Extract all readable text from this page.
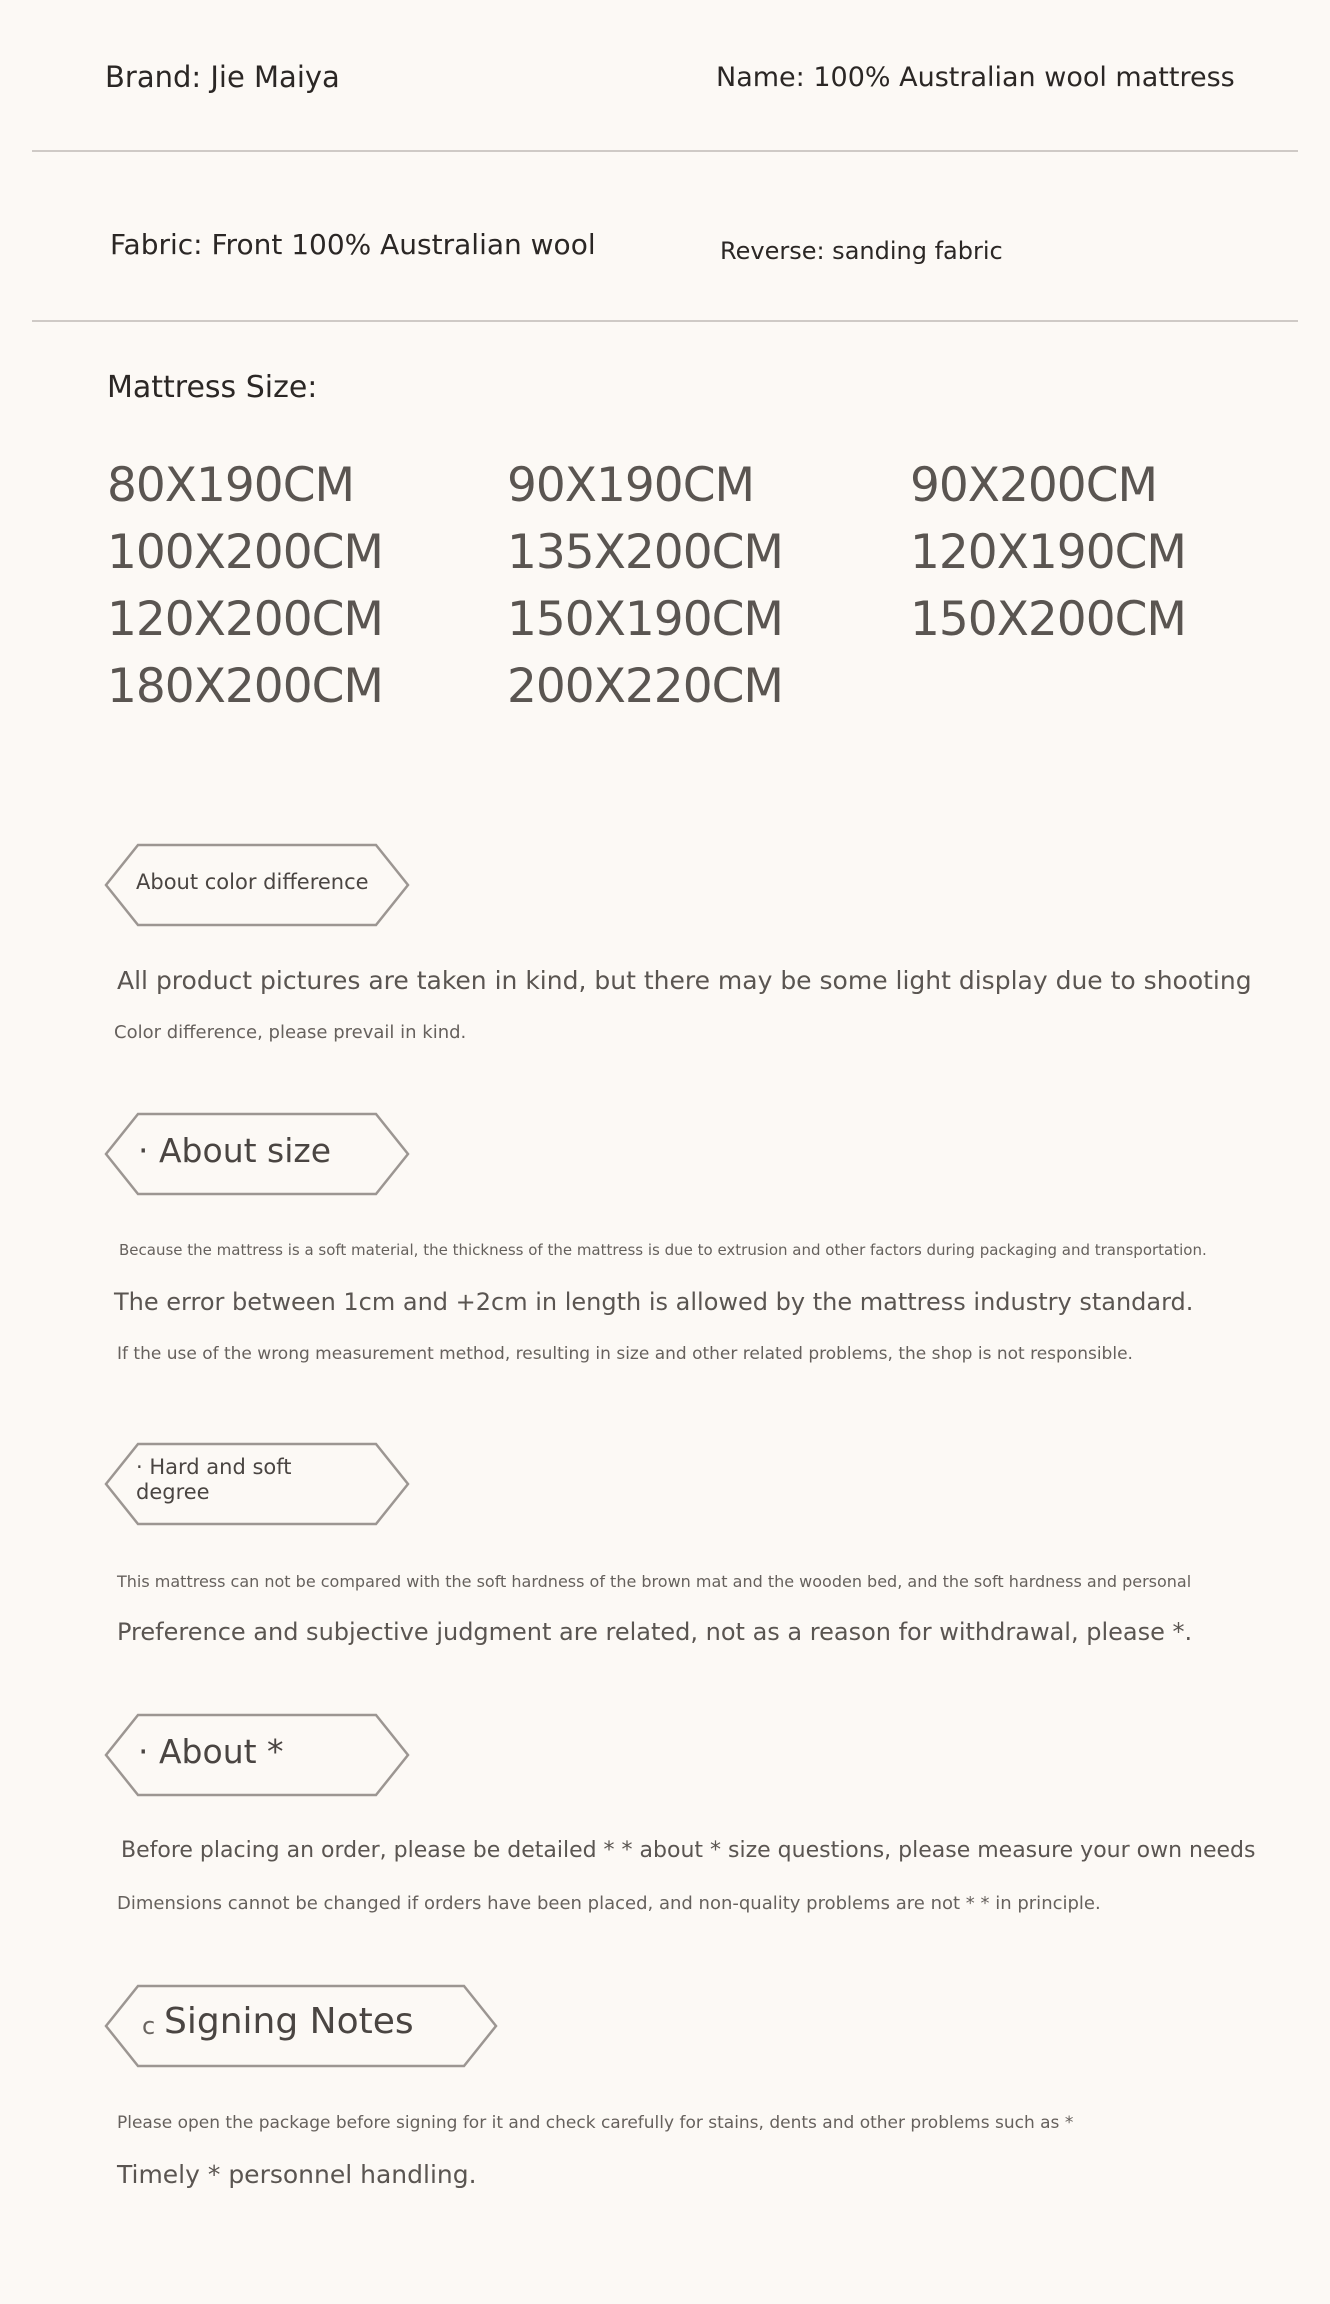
Brand: Jie Maiya	Name: 100% Australian wool mattress
Fabric: Front 100% Australian wool	Reverse: sanding fabric
Mattress Size:
80X190CM	90X190CM	90X200CM
100X200CM	135X200CM	120X190CM
120X200CM	150X190CM	150X200CM
180X200CM	200X220CM
About color difference
All product pictures are taken in kind, but there may be some light display due to shooting
Color difference, please prevail in kind.
· About size
Because the mattress is a soft material, the thickness of the mattress is due to extrusion and other factors during packaging and transportation.
The error between 1cm and +2cm in length is allowed by the mattress industry standard.
If the use of the wrong measurement method, resulting in size and other related problems, the shop is not responsible.
· Hard and soft
degree
This mattress can not be compared with the soft hardness of the brown mat and the wooden bed, and the soft hardness and personal
Preference and subjective judgment are related, not as a reason for withdrawal, please *.
· About *
Before placing an order, please be detailed * * about * size questions, please measure your own needs
Dimensions cannot be changed if orders have been placed, and non-quality problems are not * * in principle.
c Signing Notes
Please open the package before signing for it and check carefully for stains, dents and other problems such as *
Timely * personnel handling.
